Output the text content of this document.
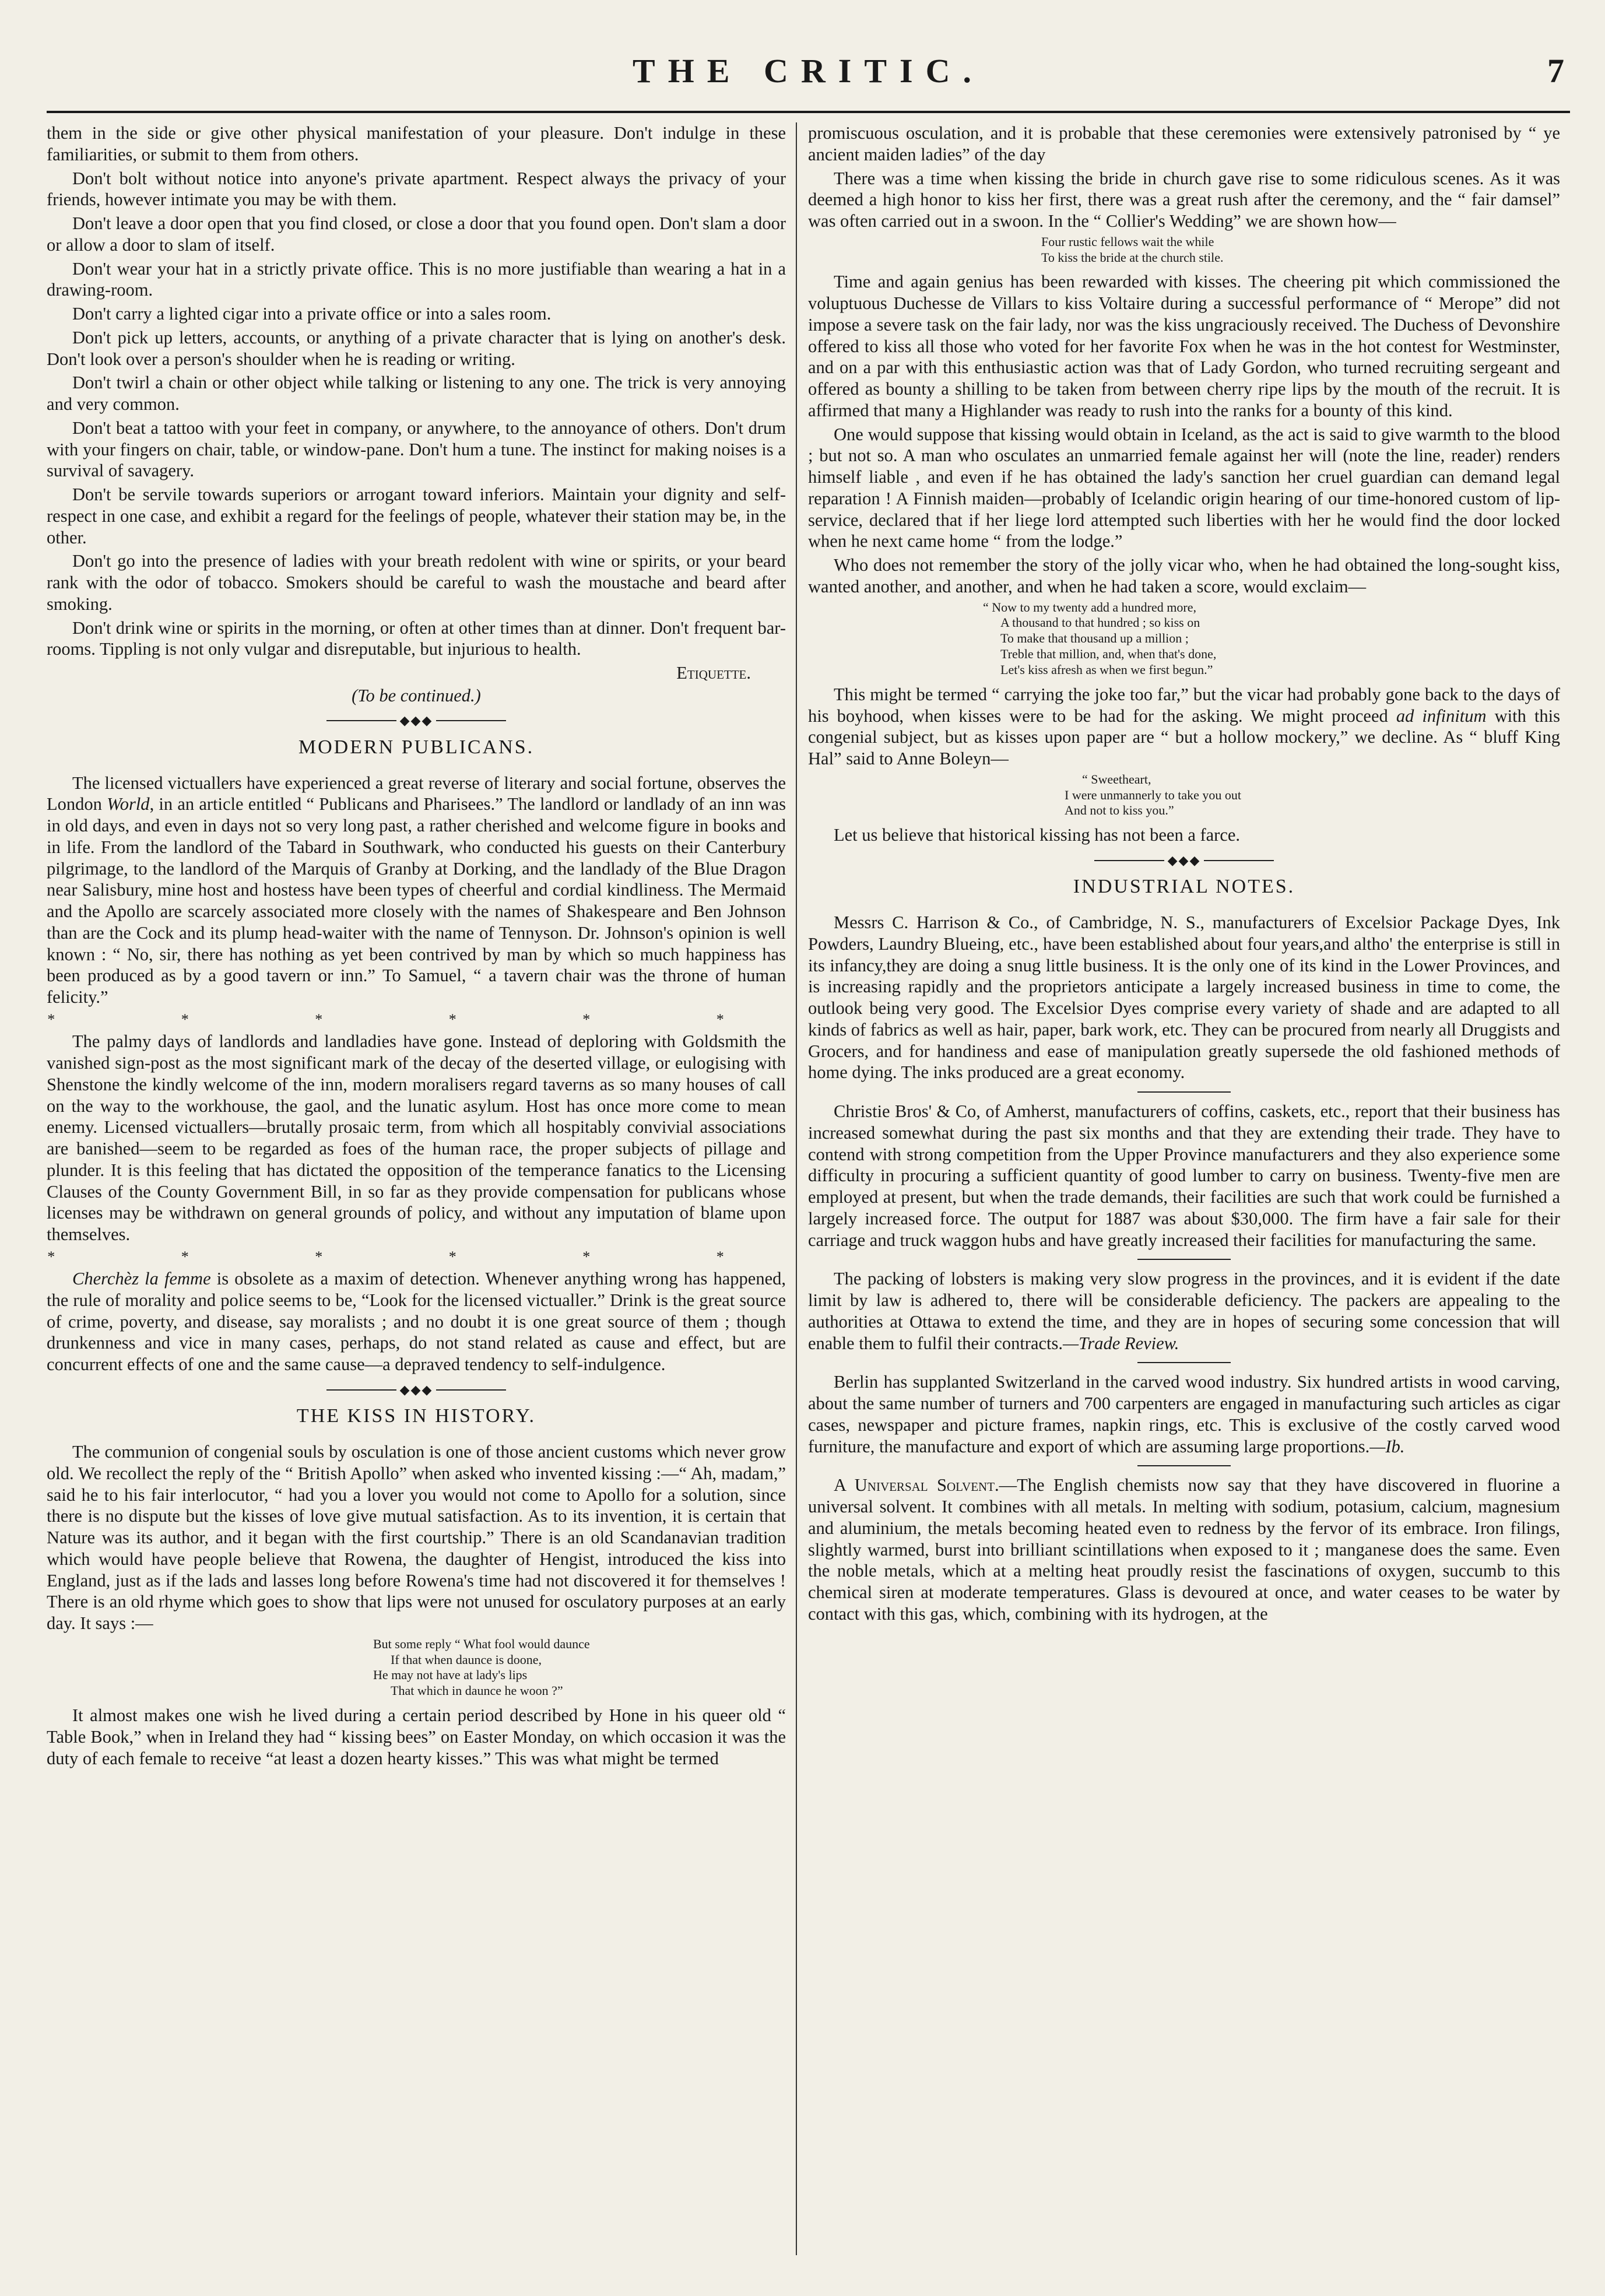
THE CRITIC.	7

them in the side or give other physical manifestation of your pleasure. Don't indulge in these familiarities, or submit to them from others.

Don't bolt without notice into anyone's private apartment. Respect always the privacy of your friends, however intimate you may be with them.

Don't leave a door open that you find closed, or close a door that you found open. Don't slam a door or allow a door to slam of itself.

Don't wear your hat in a strictly private office. This is no more justifiable than wearing a hat in a drawing-room.

Don't carry a lighted cigar into a private office or into a sales room.

Don't pick up letters, accounts, or anything of a private character that is lying on another's desk. Don't look over a person's shoulder when he is reading or writing.

Don't twirl a chain or other object while talking or listening to any one. The trick is very annoying and very common.

Don't beat a tattoo with your feet in company, or anywhere, to the annoyance of others. Don't drum with your fingers on chair, table, or window-pane. Don't hum a tune. The instinct for making noises is a survival of savagery.

Don't be servile towards superiors or arrogant toward inferiors. Maintain your dignity and self-respect in one case, and exhibit a regard for the feelings of people, whatever their station may be, in the other.

Don't go into the presence of ladies with your breath redolent with wine or spirits, or your beard rank with the odor of tobacco. Smokers should be careful to wash the moustache and beard after smoking.

Don't drink wine or spirits in the morning, or often at other times than at dinner. Don't frequent bar-rooms. Tippling is not only vulgar and disreputable, but injurious to health.

Etiquette.

(To be continued.)

◆◆◆
MODERN PUBLICANS.

The licensed victuallers have experienced a great reverse of literary and social fortune, observes the London World, in an article entitled “ Publicans and Pharisees.” The landlord or landlady of an inn was in old days, and even in days not so very long past, a rather cherished and welcome figure in books and in life. From the landlord of the Tabard in Southwark, who conducted his guests on their Canterbury pilgrimage, to the landlord of the Marquis of Granby at Dorking, and the landlady of the Blue Dragon near Salisbury, mine host and hostess have been types of cheerful and cordial kindliness. The Mermaid and the Apollo are scarcely associated more closely with the names of Shakespeare and Ben Johnson than are the Cock and its plump head-waiter with the name of Tennyson. Dr. Johnson's opinion is well known : “ No, sir, there has nothing as yet been contrived by man by which so much happiness has been produced as by a good tavern or inn.” To Samuel, “ a tavern chair was the throne of human felicity.”

* * * * * *

The palmy days of landlords and landladies have gone. Instead of deploring with Goldsmith the vanished sign-post as the most significant mark of the decay of the deserted village, or eulogising with Shenstone the kindly welcome of the inn, modern moralisers regard taverns as so many houses of call on the way to the workhouse, the gaol, and the lunatic asylum. Host has once more come to mean enemy. Licensed victuallers—brutally prosaic term, from which all hospitably convivial associations are banished—seem to be regarded as foes of the human race, the proper subjects of pillage and plunder. It is this feeling that has dictated the opposition of the temperance fanatics to the Licensing Clauses of the County Government Bill, in so far as they provide compensation for publicans whose licenses may be withdrawn on general grounds of policy, and without any imputation of blame upon themselves.

* * * * * *

Cherchèz la femme is obsolete as a maxim of detection. Whenever anything wrong has happened, the rule of morality and police seems to be, “Look for the licensed victualler.” Drink is the great source of crime, poverty, and disease, say moralists ; and no doubt it is one great source of them ; though drunkenness and vice in many cases, perhaps, do not stand related as cause and effect, but are concurrent effects of one and the same cause—a depraved tendency to self-indulgence.

◆◆◆
THE KISS IN HISTORY.

The communion of congenial souls by osculation is one of those ancient customs which never grow old. We recollect the reply of the “ British Apollo” when asked who invented kissing :—“ Ah, madam,” said he to his fair interlocutor, “ had you a lover you would not come to Apollo for a solution, since there is no dispute but the kisses of love give mutual satisfaction. As to its invention, it is certain that Nature was its author, and it began with the first courtship.” There is an old Scandanavian tradition which would have people believe that Rowena, the daughter of Hengist, introduced the kiss into England, just as if the lads and lasses long before Rowena's time had not discovered it for themselves ! There is an old rhyme which goes to show that lips were not unused for osculatory purposes at an early day. It says :—

But some reply “ What fool would daunce
If that when daunce is doone,
He may not have at lady's lips
That which in daunce he woon ?”

It almost makes one wish he lived during a certain period described by Hone in his queer old “ Table Book,” when in Ireland they had “ kissing bees” on Easter Monday, on which occasion it was the duty of each female to receive “at least a dozen hearty kisses.” This was what might be termed

promiscuous osculation, and it is probable that these ceremonies were extensively patronised by “ ye ancient maiden ladies” of the day

There was a time when kissing the bride in church gave rise to some ridiculous scenes. As it was deemed a high honor to kiss her first, there was a great rush after the ceremony, and the “ fair damsel” was often carried out in a swoon. In the “ Collier's Wedding” we are shown how—

Four rustic fellows wait the while
To kiss the bride at the church stile.

Time and again genius has been rewarded with kisses. The cheering pit which commissioned the voluptuous Duchesse de Villars to kiss Voltaire during a successful performance of “ Merope” did not impose a severe task on the fair lady, nor was the kiss ungraciously received. The Duchess of Devonshire offered to kiss all those who voted for her favorite Fox when he was in the hot contest for Westminster, and on a par with this enthusiastic action was that of Lady Gordon, who turned recruiting sergeant and offered as bounty a shilling to be taken from between cherry ripe lips by the mouth of the recruit. It is affirmed that many a Highlander was ready to rush into the ranks for a bounty of this kind.

One would suppose that kissing would obtain in Iceland, as the act is said to give warmth to the blood ; but not so. A man who osculates an unmarried female against her will (note the line, reader) renders himself liable , and even if he has obtained the lady's sanction her cruel guardian can demand legal reparation ! A Finnish maiden—probably of Icelandic origin hearing of our time-honored custom of lip-service, declared that if her liege lord attempted such liberties with her he would find the door locked when he next came home “ from the lodge.”

Who does not remember the story of the jolly vicar who, when he had obtained the long-sought kiss, wanted another, and another, and when he had taken a score, would exclaim—

“ Now to my twenty add a hundred more,
A thousand to that hundred ; so kiss on
To make that thousand up a million ;
Treble that million, and, when that's done,
Let's kiss afresh as when we first begun.”

This might be termed “ carrying the joke too far,” but the vicar had probably gone back to the days of his boyhood, when kisses were to be had for the asking. We might proceed ad infinitum with this congenial subject, but as kisses upon paper are “ but a hollow mockery,” we decline. As “ bluff King Hal” said to Anne Boleyn—

“ Sweetheart,
I were unmannerly to take you out
And not to kiss you.”

Let us believe that historical kissing has not been a farce.

◆◆◆
INDUSTRIAL NOTES.

Messrs C. Harrison & Co., of Cambridge, N. S., manufacturers of Excelsior Package Dyes, Ink Powders, Laundry Blueing, etc., have been established about four years,and altho' the enterprise is still in its infancy,they are doing a snug little business. It is the only one of its kind in the Lower Provinces, and is increasing rapidly and the proprietors anticipate a largely increased business in time to come, the outlook being very good. The Excelsior Dyes comprise every variety of shade and are adapted to all kinds of fabrics as well as hair, paper, bark work, etc. They can be procured from nearly all Druggists and Grocers, and for handiness and ease of manipulation greatly supersede the old fashioned methods of home dying. The inks produced are a great economy.

Christie Bros' & Co, of Amherst, manufacturers of coffins, caskets, etc., report that their business has increased somewhat during the past six months and that they are extending their trade. They have to contend with strong competition from the Upper Province manufacturers and they also experience some difficulty in procuring a sufficient quantity of good lumber to carry on business. Twenty-five men are employed at present, but when the trade demands, their facilities are such that work could be furnished a largely increased force. The output for 1887 was about $30,000. The firm have a fair sale for their carriage and truck waggon hubs and have greatly increased their facilities for manufacturing the same.

The packing of lobsters is making very slow progress in the provinces, and it is evident if the date limit by law is adhered to, there will be considerable deficiency. The packers are appealing to the authorities at Ottawa to extend the time, and they are in hopes of securing some concession that will enable them to fulfil their contracts.—Trade Review.

Berlin has supplanted Switzerland in the carved wood industry. Six hundred artists in wood carving, about the same number of turners and 700 carpenters are engaged in manufacturing such articles as cigar cases, newspaper and picture frames, napkin rings, etc. This is exclusive of the costly carved wood furniture, the manufacture and export of which are assuming large proportions.—Ib.

A Universal Solvent.—The English chemists now say that they have discovered in fluorine a universal solvent. It combines with all metals. In melting with sodium, potasium, calcium, magnesium and aluminium, the metals becoming heated even to redness by the fervor of its embrace. Iron filings, slightly warmed, burst into brilliant scintillations when exposed to it ; manganese does the same. Even the noble metals, which at a melting heat proudly resist the fascinations of oxygen, succumb to this chemical siren at moderate temperatures. Glass is devoured at once, and water ceases to be water by contact with this gas, which, combining with its hydrogen, at the
